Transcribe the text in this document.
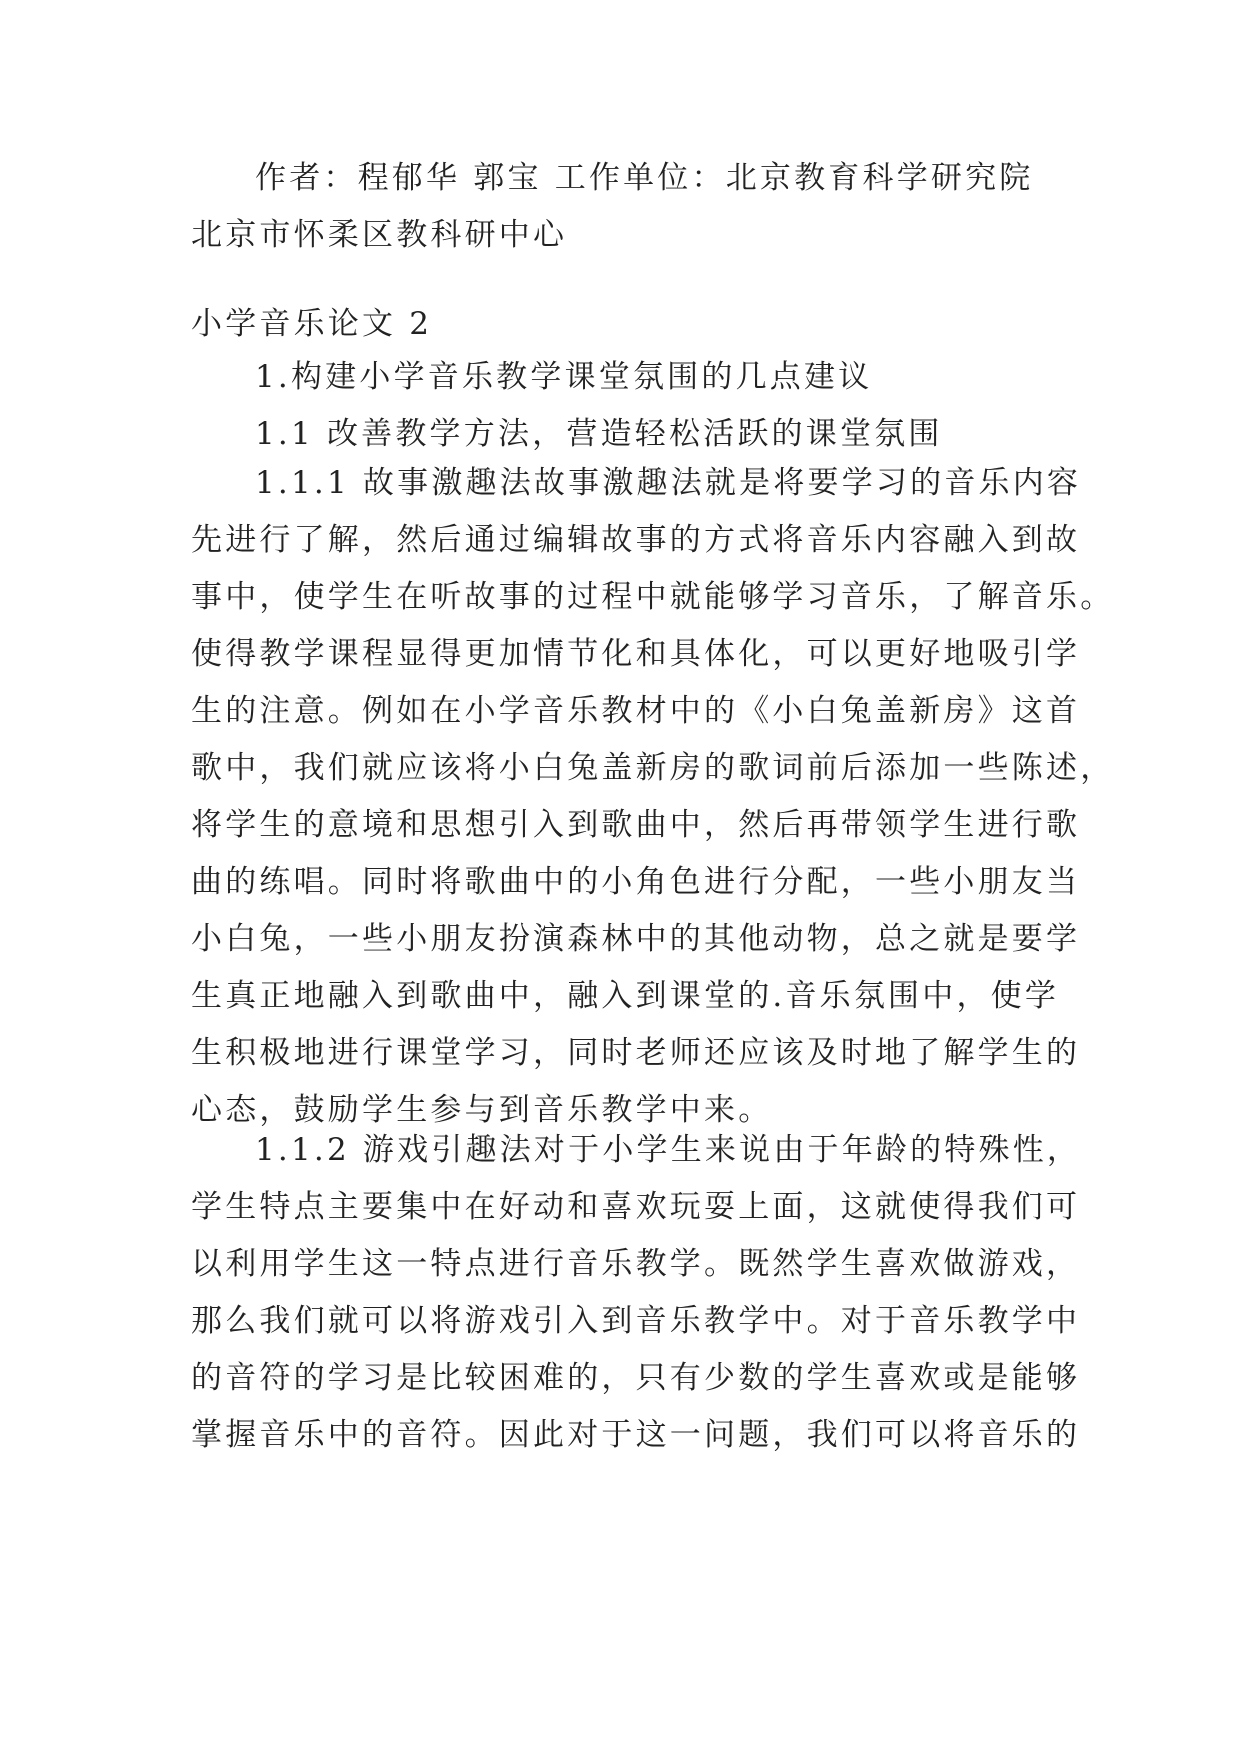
作者：程郁华 郭宝 工作单位：北京教育科学研究院
北京市怀柔区教科研中心
小学音乐论文 2
1.构建小学音乐教学课堂氛围的几点建议
1.1 改善教学方法，营造轻松活跃的课堂氛围
1.1.1 故事激趣法故事激趣法就是将要学习的音乐内容
先进行了解，然后通过编辑故事的方式将音乐内容融入到故
事中，使学生在听故事的过程中就能够学习音乐，了解音乐。
使得教学课程显得更加情节化和具体化，可以更好地吸引学
生的注意。例如在小学音乐教材中的《小白兔盖新房》这首
歌中，我们就应该将小白兔盖新房的歌词前后添加一些陈述，
将学生的意境和思想引入到歌曲中，然后再带领学生进行歌
曲的练唱。同时将歌曲中的小角色进行分配，一些小朋友当
小白兔，一些小朋友扮演森林中的其他动物，总之就是要学
生真正地融入到歌曲中，融入到课堂的.音乐氛围中，使学
生积极地进行课堂学习，同时老师还应该及时地了解学生的
心态，鼓励学生参与到音乐教学中来。
1.1.2 游戏引趣法对于小学生来说由于年龄的特殊性，
学生特点主要集中在好动和喜欢玩耍上面，这就使得我们可
以利用学生这一特点进行音乐教学。既然学生喜欢做游戏，
那么我们就可以将游戏引入到音乐教学中。对于音乐教学中
的音符的学习是比较困难的，只有少数的学生喜欢或是能够
掌握音乐中的音符。因此对于这一问题，我们可以将音乐的
